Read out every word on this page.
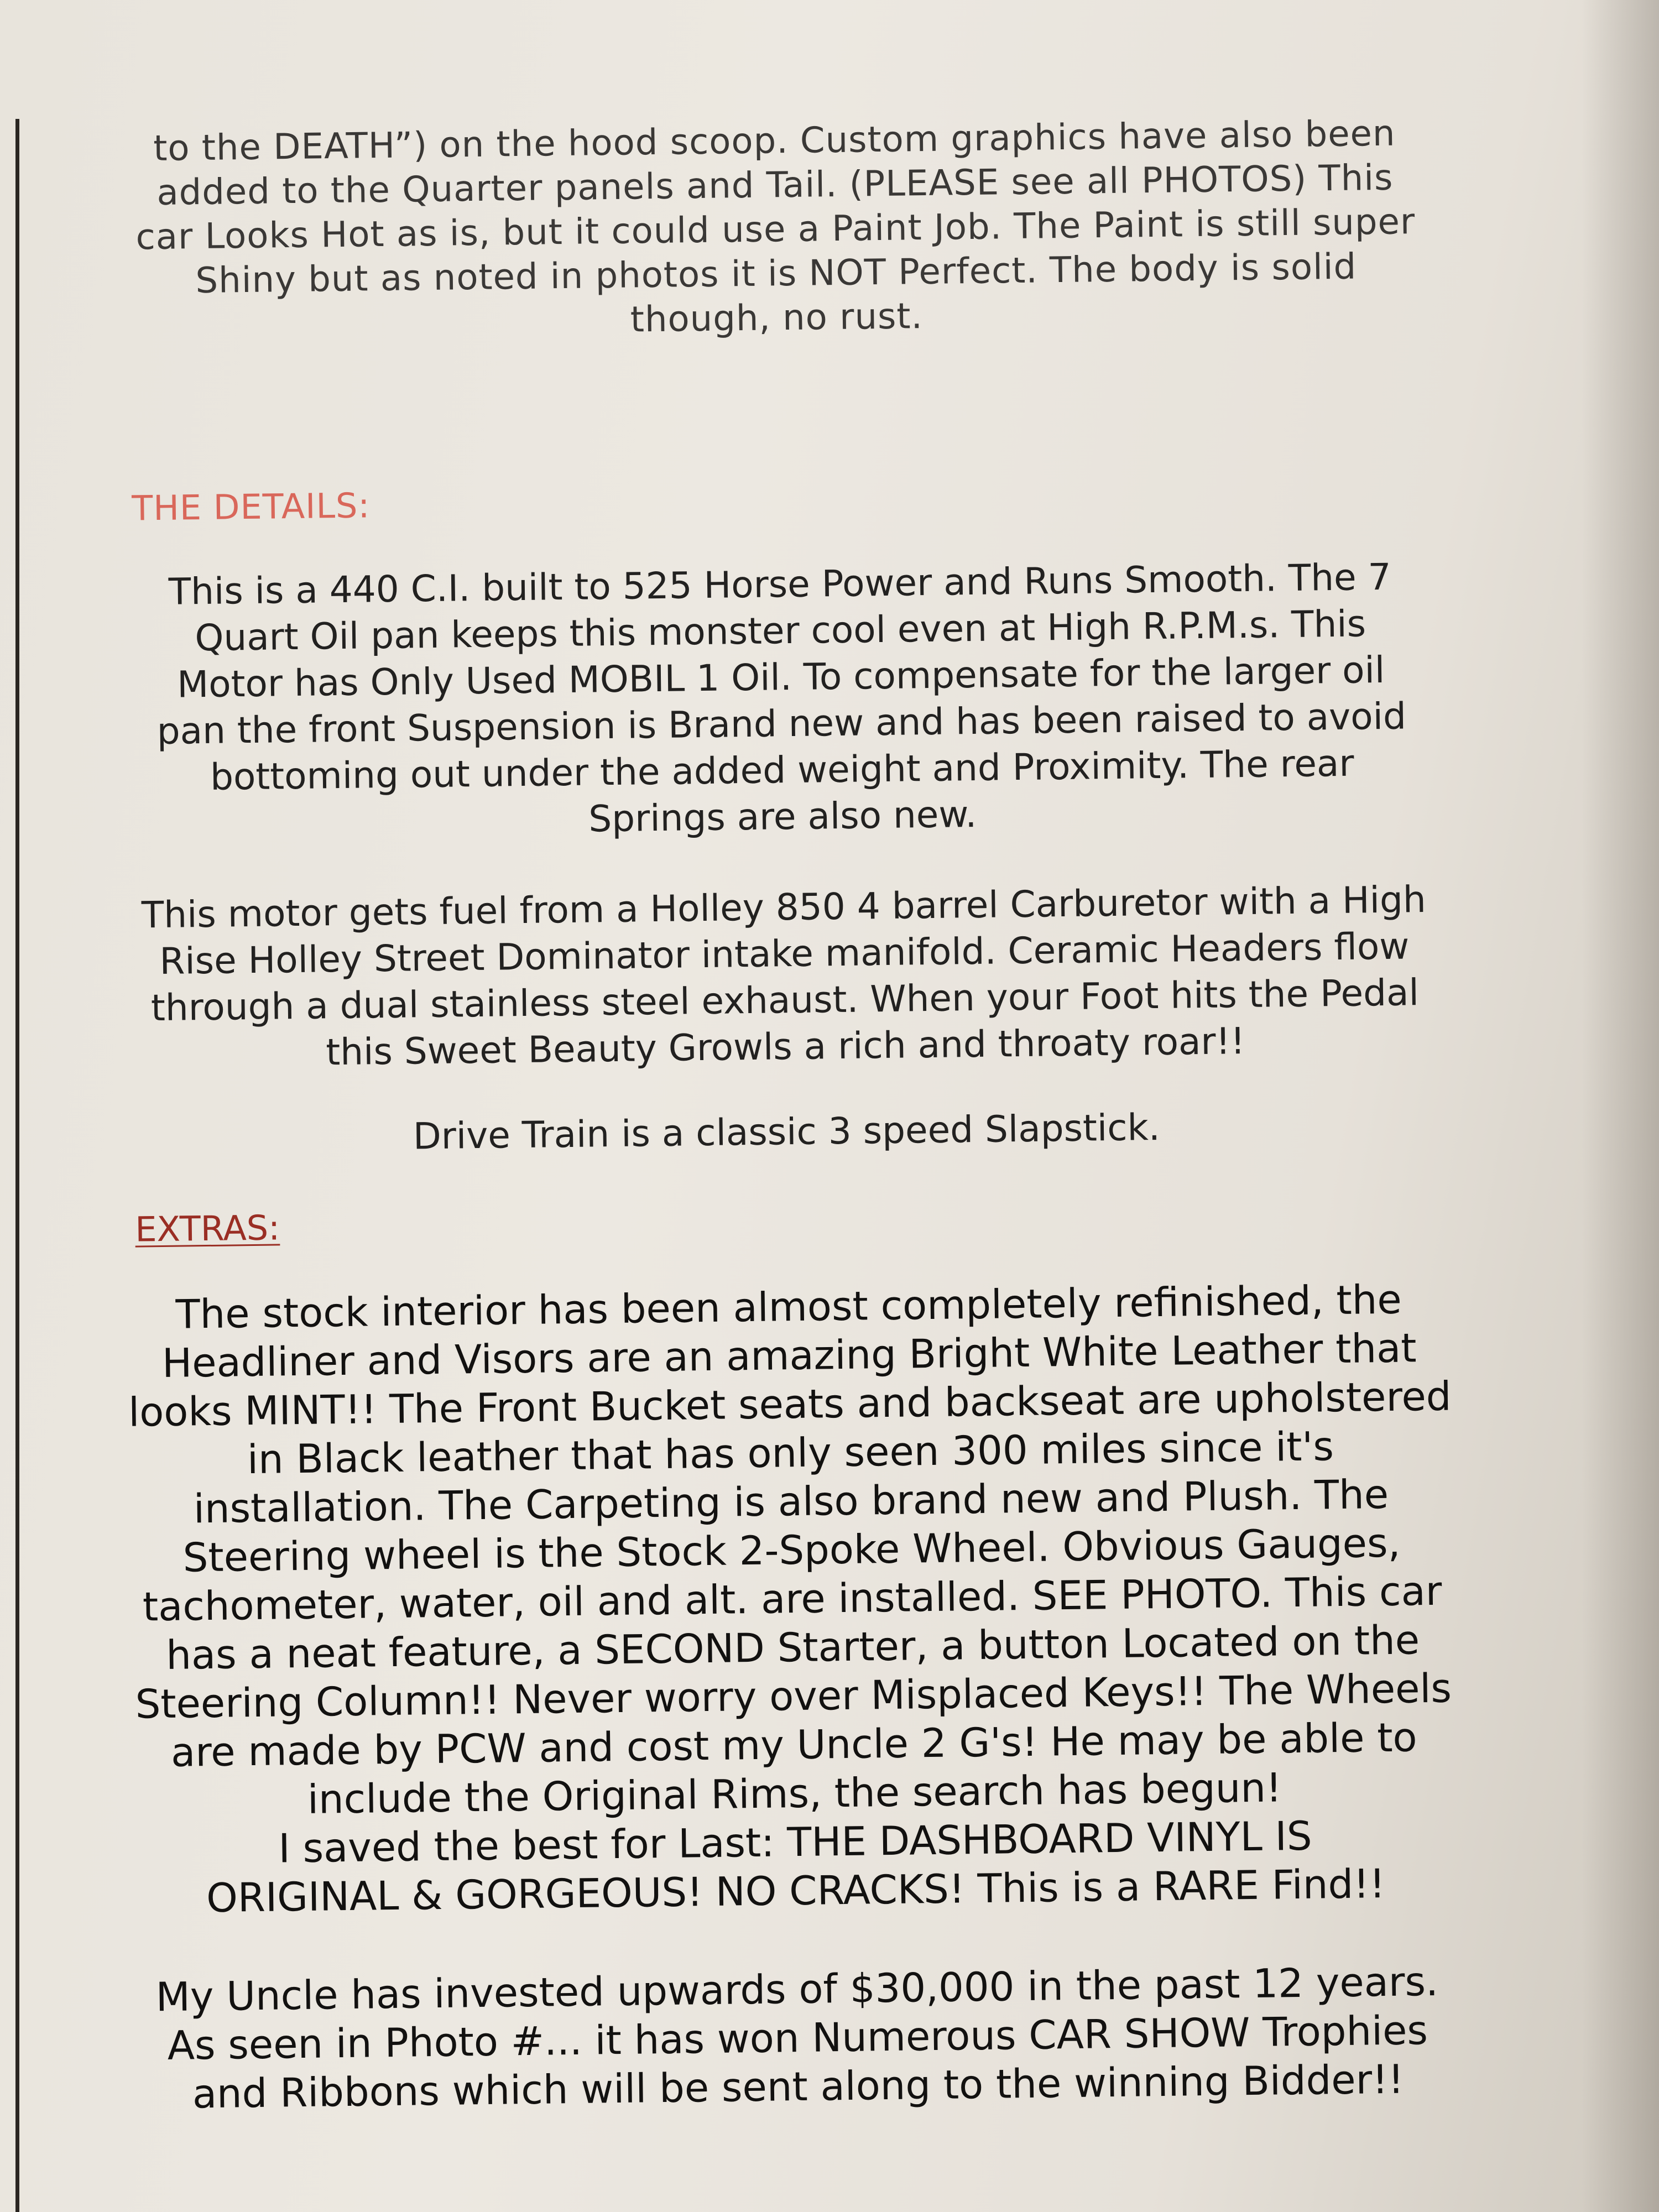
to the DEATH”) on the hood scoop. Custom graphics have also been added to the Quarter panels and Tail. (PLEASE see all PHOTOS) This car Looks Hot as is, but it could use a Paint Job. The Paint is still super Shiny but as noted in photos it is NOT Perfect. The body is solid though, no rust.

THE DETAILS:

This is a 440 C.I. built to 525 Horse Power and Runs Smooth. The 7 Quart Oil pan keeps this monster cool even at High R.P.M.s. This Motor has Only Used MOBIL 1 Oil. To compensate for the larger oil pan the front Suspension is Brand new and has been raised to avoid bottoming out under the added weight and Proximity. The rear Springs are also new.

This motor gets fuel from a Holley 850 4 barrel Carburetor with a High Rise Holley Street Dominator intake manifold. Ceramic Headers flow through a dual stainless steel exhaust. When your Foot hits the Pedal this Sweet Beauty Growls a rich and throaty roar!!

Drive Train is a classic 3 speed Slapstick.

EXTRAS:

The stock interior has been almost completely refinished, the Headliner and Visors are an amazing Bright White Leather that looks MINT!! The Front Bucket seats and backseat are upholstered in Black leather that has only seen 300 miles since it's installation. The Carpeting is also brand new and Plush. The Steering wheel is the Stock 2-Spoke Wheel. Obvious Gauges, tachometer, water, oil and alt. are installed. SEE PHOTO. This car has a neat feature, a SECOND Starter, a button Located on the Steering Column!! Never worry over Misplaced Keys!! The Wheels are made by PCW and cost my Uncle 2 G's! He may be able to include the Original Rims, the search has begun!

I saved the best for Last: THE DASHBOARD VINYL IS ORIGINAL & GORGEOUS! NO CRACKS! This is a RARE Find!!

My Uncle has invested upwards of $30,000 in the past 12 years. As seen in Photo #... it has won Numerous CAR SHOW Trophies and Ribbons which will be sent along to the winning Bidder!!
